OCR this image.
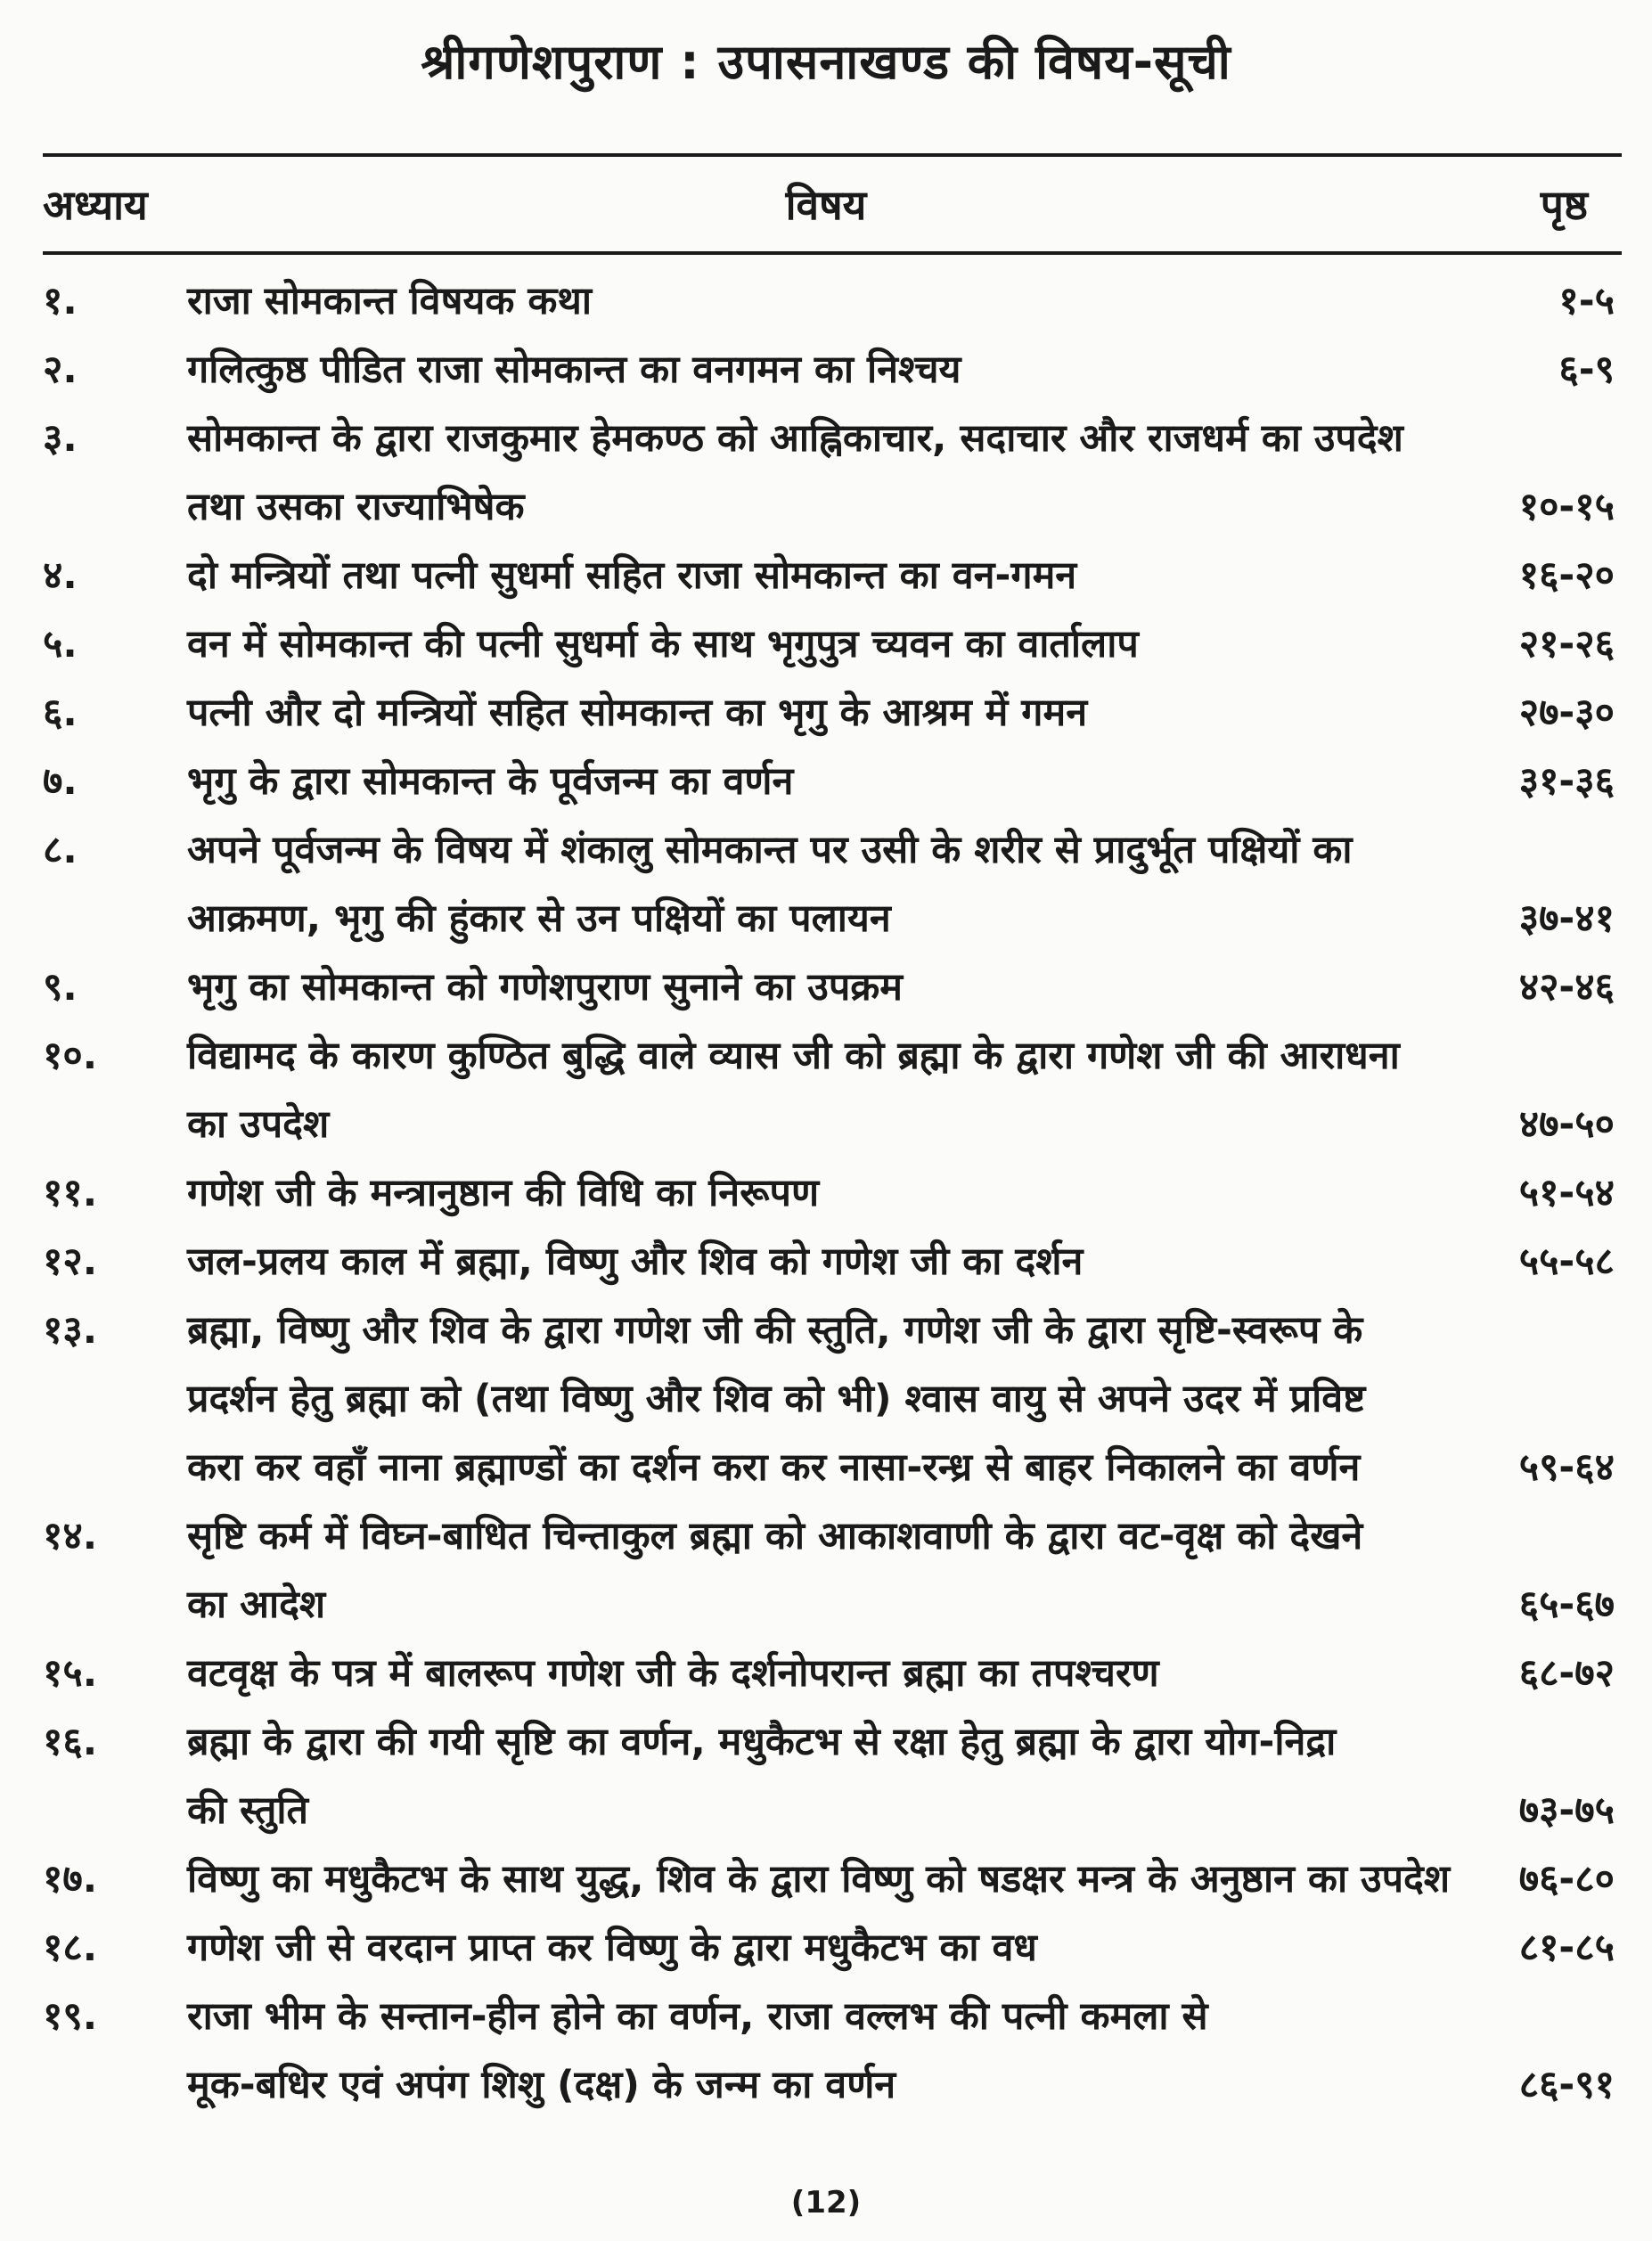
श्रीगणेशपुराण : उपासनाखण्ड की विषय-सूची
अध्याय	विषय	पृष्ठ
१.	राजा सोमकान्त विषयक कथा	१-५
२.	गलित्कुष्ठ पीडित राजा सोमकान्त का वनगमन का निश्चय	६-९
३.	सोमकान्त के द्वारा राजकुमार हेमकण्ठ को आह्निकाचार, सदाचार और राजधर्म का उपदेश
तथा उसका राज्याभिषेक	१०-१५
४.	दो मन्त्रियों तथा पत्नी सुधर्मा सहित राजा सोमकान्त का वन-गमन	१६-२०
५.	वन में सोमकान्त की पत्नी सुधर्मा के साथ भृगुपुत्र च्यवन का वार्तालाप	२१-२६
६.	पत्नी और दो मन्त्रियों सहित सोमकान्त का भृगु के आश्रम में गमन	२७-३०
७.	भृगु के द्वारा सोमकान्त के पूर्वजन्म का वर्णन	३१-३६
८.	अपने पूर्वजन्म के विषय में शंकालु सोमकान्त पर उसी के शरीर से प्रादुर्भूत पक्षियों का
आक्रमण, भृगु की हुंकार से उन पक्षियों का पलायन	३७-४१
९.	भृगु का सोमकान्त को गणेशपुराण सुनाने का उपक्रम	४२-४६
१०. विद्यामद के कारण कुण्ठित बुद्धि वाले व्यास जी को ब्रह्मा के द्वारा गणेश जी की आराधना
का उपदेश	४७-५०
११. गणेश जी के मन्त्रानुष्ठान की विधि का निरूपण	५१-५४
१२. जल-प्रलय काल में ब्रह्मा, विष्णु और शिव को गणेश जी का दर्शन	५५-५८
१३. ब्रह्मा, विष्णु और शिव के द्वारा गणेश जी की स्तुति, गणेश जी के द्वारा सृष्टि-स्वरूप के
प्रदर्शन हेतु ब्रह्मा को (तथा विष्णु और शिव को भी) श्वास वायु से अपने उदर में प्रविष्ट
करा कर वहाँ नाना ब्रह्माण्डों का दर्शन करा कर नासा-रन्ध्र से बाहर निकालने का वर्णन	५९-६४
१४. सृष्टि कर्म में विघ्न-बाधित चिन्ताकुल ब्रह्मा को आकाशवाणी के द्वारा वट-वृक्ष को देखने
का आदेश	६५-६७
१५. वटवृक्ष के पत्र में बालरूप गणेश जी के दर्शनोपरान्त ब्रह्मा का तपश्चरण	६८-७२
१६. ब्रह्मा के द्वारा की गयी सृष्टि का वर्णन, मधुकैटभ से रक्षा हेतु ब्रह्मा के द्वारा योग-निद्रा
की स्तुति	७३-७५
१७. विष्णु का मधुकैटभ के साथ युद्ध, शिव के द्वारा विष्णु को षडक्षर मन्त्र के अनुष्ठान का उपदेश ७६-८०
१८. गणेश जी से वरदान प्राप्त कर विष्णु के द्वारा मधुकैटभ का वध	८१-८५
१९. राजा भीम के सन्तान-हीन होने का वर्णन, राजा वल्लभ की पत्नी कमला से
मूक-बधिर एवं अपंग शिशु (दक्ष) के जन्म का वर्णन	८६-९१
(12)
